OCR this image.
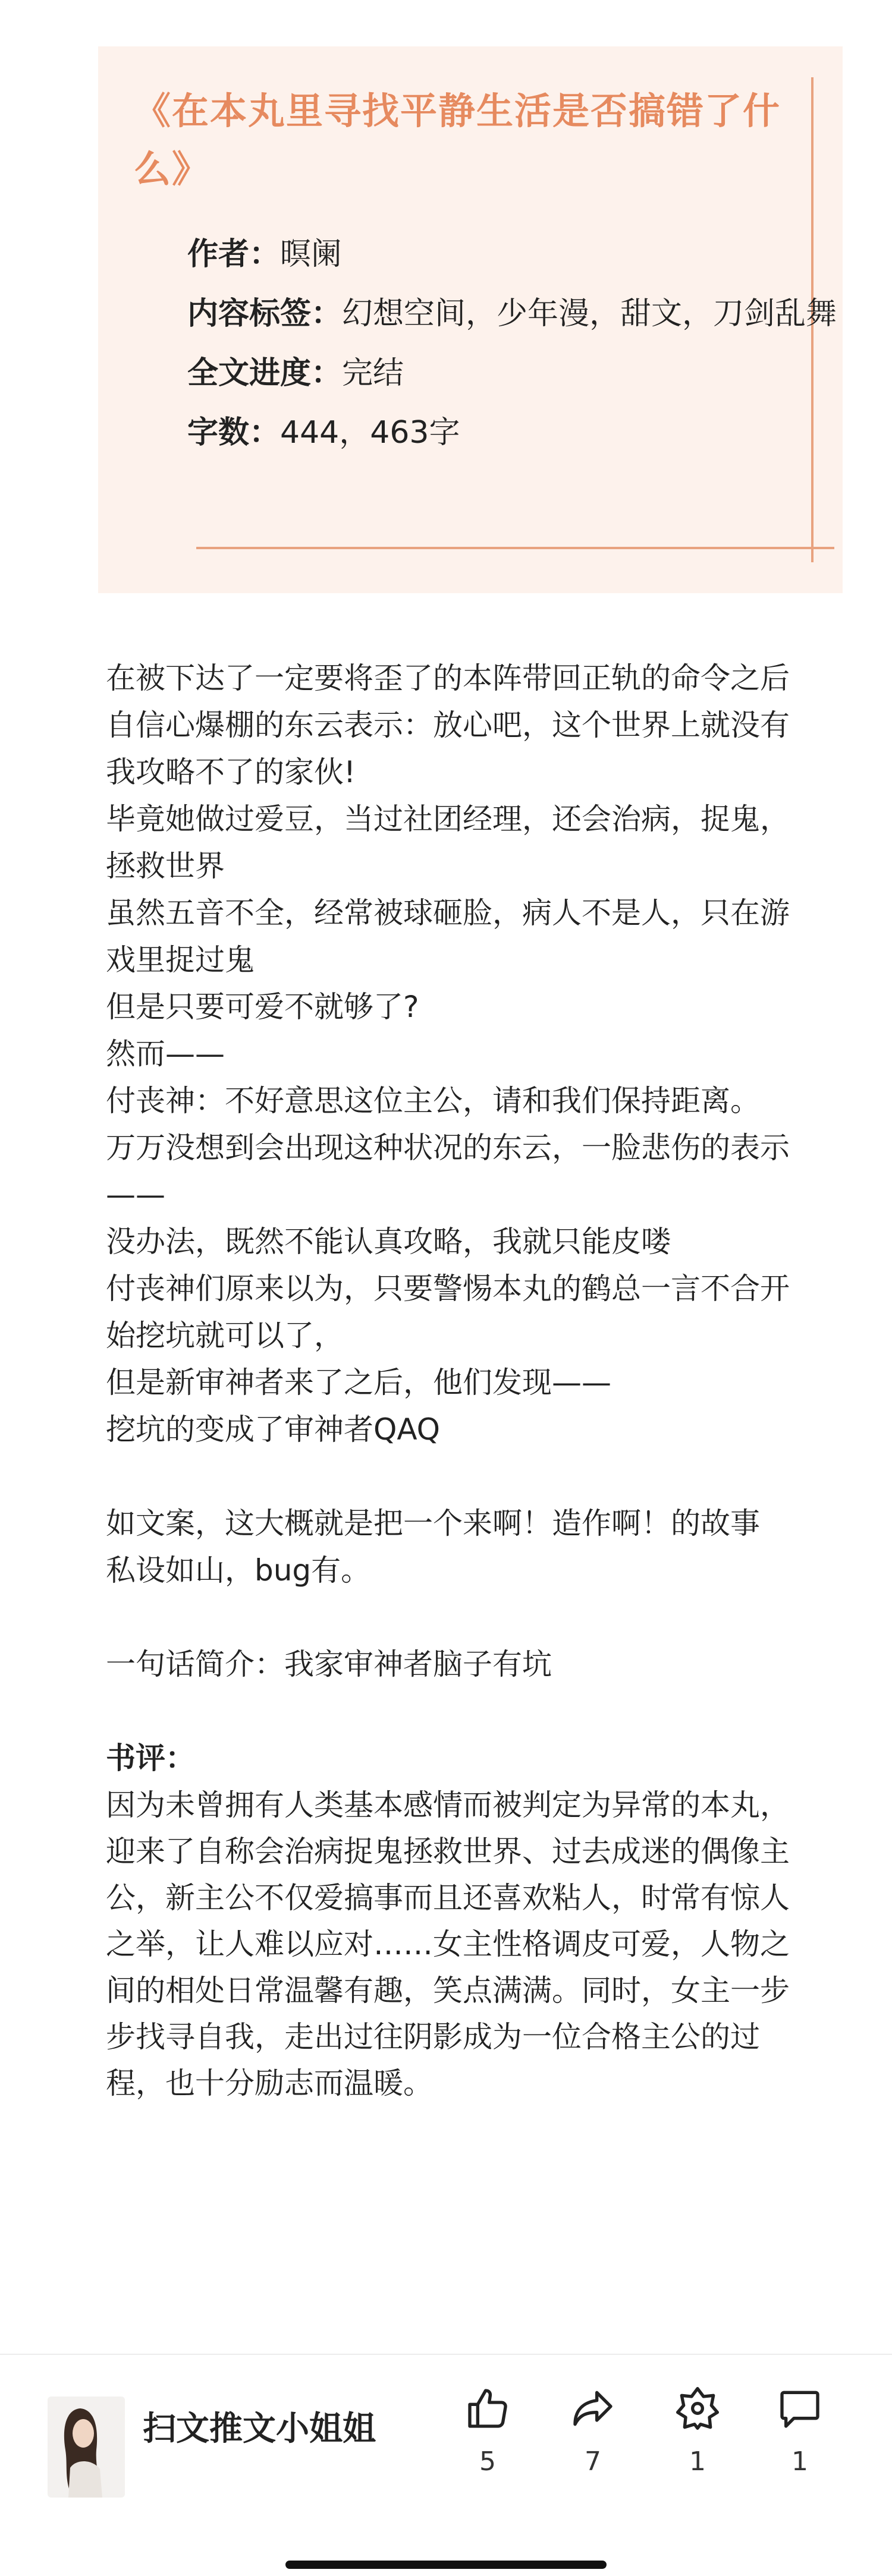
《在本丸里寻找平静生活是否搞错了什么》
作者：暝阑
内容标签：幻想空间，少年漫，甜文，刀剑乱舞
全文进度：完结
字数：444，463字

在被下达了一定要将歪了的本阵带回正轨的命令之后

自信心爆棚的东云表示：放心吧，这个世界上就没有我攻略不了的家伙!

毕竟她做过爱豆，当过社团经理，还会治病，捉鬼，拯救世界

虽然五音不全，经常被球砸脸，病人不是人，只在游戏里捉过鬼

但是只要可爱不就够了?

然而——

付丧神：不好意思这位主公，请和我们保持距离。

万万没想到会出现这种状况的东云，一脸悲伤的表示——

没办法，既然不能认真攻略，我就只能皮喽

付丧神们原来以为，只要警惕本丸的鹤总一言不合开始挖坑就可以了，

但是新审神者来了之后，他们发现——

挖坑的变成了审神者QAQ

如文案，这大概就是把一个来啊！造作啊！的故事

私设如山，bug有。

一句话简介：我家审神者脑子有坑

书评：

因为未曾拥有人类基本感情而被判定为异常的本丸，迎来了自称会治病捉鬼拯救世界、过去成迷的偶像主公，新主公不仅爱搞事而且还喜欢粘人，时常有惊人之举，让人难以应对……女主性格调皮可爱，人物之间的相处日常温馨有趣，笑点满满。同时，女主一步步找寻自我，走出过往阴影成为一位合格主公的过程，也十分励志而温暖。

扫文推文小姐姐
5	7	1	1
